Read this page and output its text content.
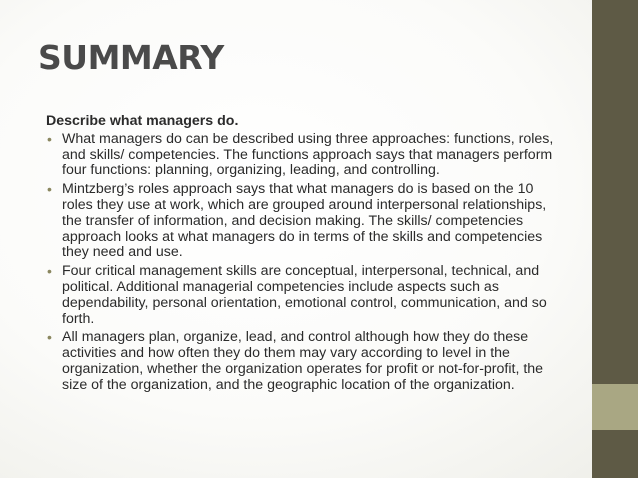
SUMMARY
Describe what managers do.
• What managers do can be described using three approaches: functions, roles, and skills/ competencies. The functions approach says that managers perform four functions: planning, organizing, leading, and controlling.
• Mintzberg’s roles approach says that what managers do is based on the 10 roles they use at work, which are grouped around interpersonal relationships, the transfer of information, and decision making. The skills/ competencies approach looks at what managers do in terms of the skills and competencies they need and use.
• Four critical management skills are conceptual, interpersonal, technical, and political. Additional managerial competencies include aspects such as dependability, personal orientation, emotional control, communication, and so forth.
• All managers plan, organize, lead, and control although how they do these activities and how often they do them may vary according to level in the organization, whether the organization operates for profit or not-for-profit, the size of the organization, and the geographic location of the organization.
